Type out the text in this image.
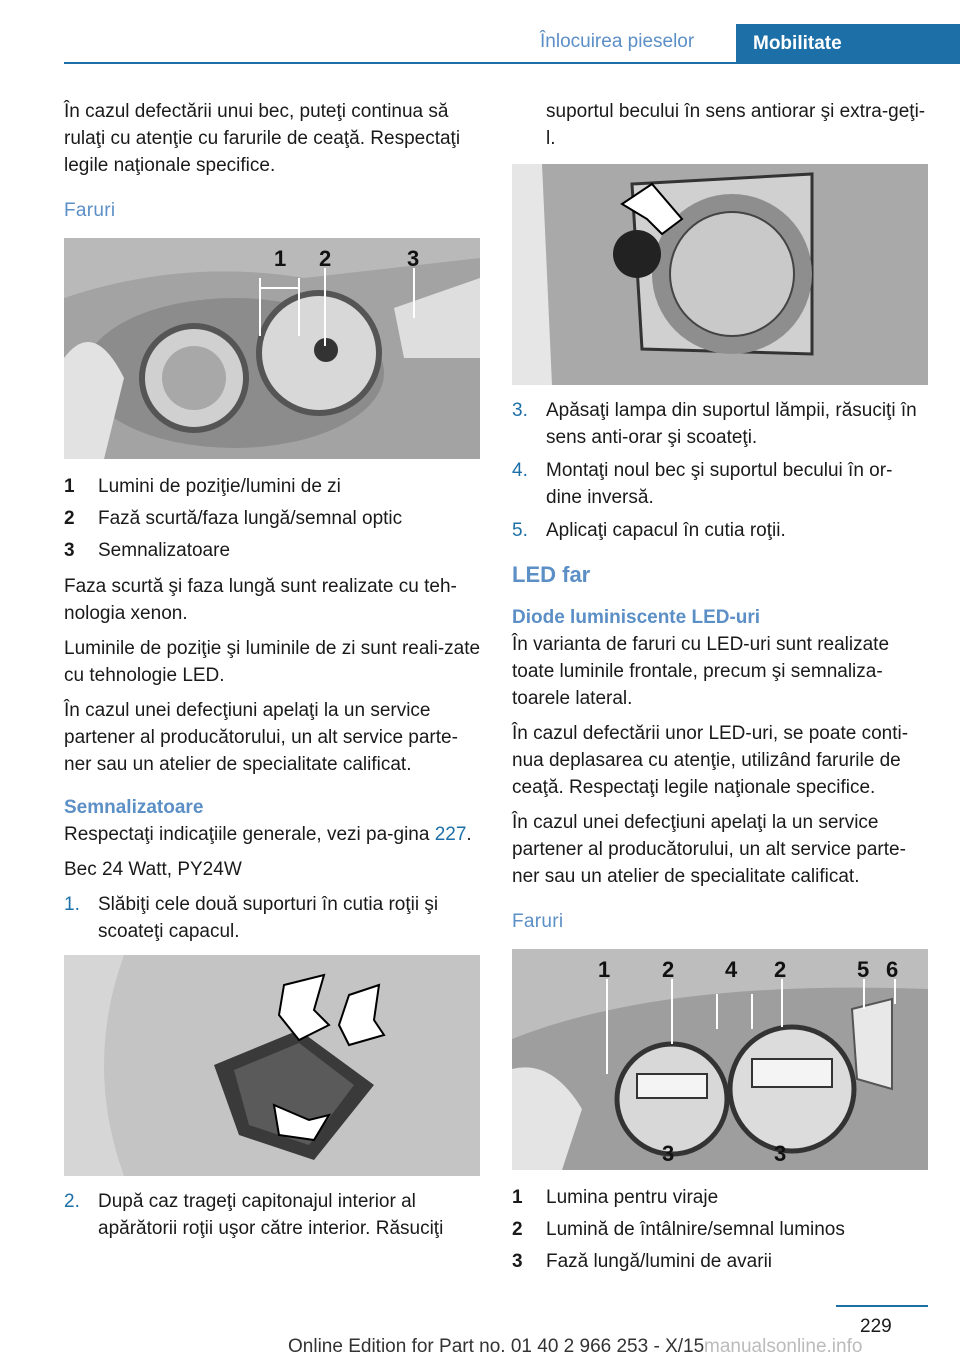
Înlocuirea pieselor	Mobilitate

În cazul defectării unui bec, puteţi continua să rulaţi cu atenţie cu farurile de ceaţă. Respectaţi legile naţionale specifice.

Faruri
1 2	3
1	Lumini de poziţie/lumini de zi
2	Fază scurtă/faza lungă/semnal optic
3	Semnalizatoare

Faza scurtă şi faza lungă sunt realizate cu teh‐nologia xenon.

Luminile de poziţie şi luminile de zi sunt reali‐zate cu tehnologie LED.

În cazul unei defecţiuni apelaţi la un service partener al producătorului, un alt service parte‐ner sau un atelier de specialitate calificat.

Semnalizatoare

Respectaţi indicaţiile generale, vezi pa‐gina 227.

Bec 24 Watt, PY24W

1. Slăbiţi cele două suporturi în cutia roţii şi scoateţi capacul.
2. După caz trageţi capitonajul interior al apărătorii roţii uşor către interior. Răsuciţi

suportul becului în sens antiorar şi extra‐geţi-l.

3. Apăsaţi lampa din suportul lămpii, răsuciţi în sens anti-orar şi scoateţi.
4. Montaţi noul bec şi suportul becului în or‐dine inversă.
5. Aplicaţi capacul în cutia roţii.
LED far
Diode luminiscente LED-uri

În varianta de faruri cu LED-uri sunt realizate toate luminile frontale, precum şi semnaliza‐toarele lateral.

În cazul defectării unor LED-uri, se poate conti‐nua deplasarea cu atenţie, utilizând farurile de ceaţă. Respectaţi legile naţionale specifice.

În cazul unei defecţiuni apelaţi la un service partener al producătorului, un alt service parte‐ner sau un atelier de specialitate calificat.

Faruri
1 2 4 2	5 6
3	3
1	Lumina pentru viraje
2	Lumină de întâlnire/semnal luminos
3	Fază lungă/lumini de avarii
229
Online Edition for Part no. 01 40 2 966 253 - X/15 manualsonline.info
